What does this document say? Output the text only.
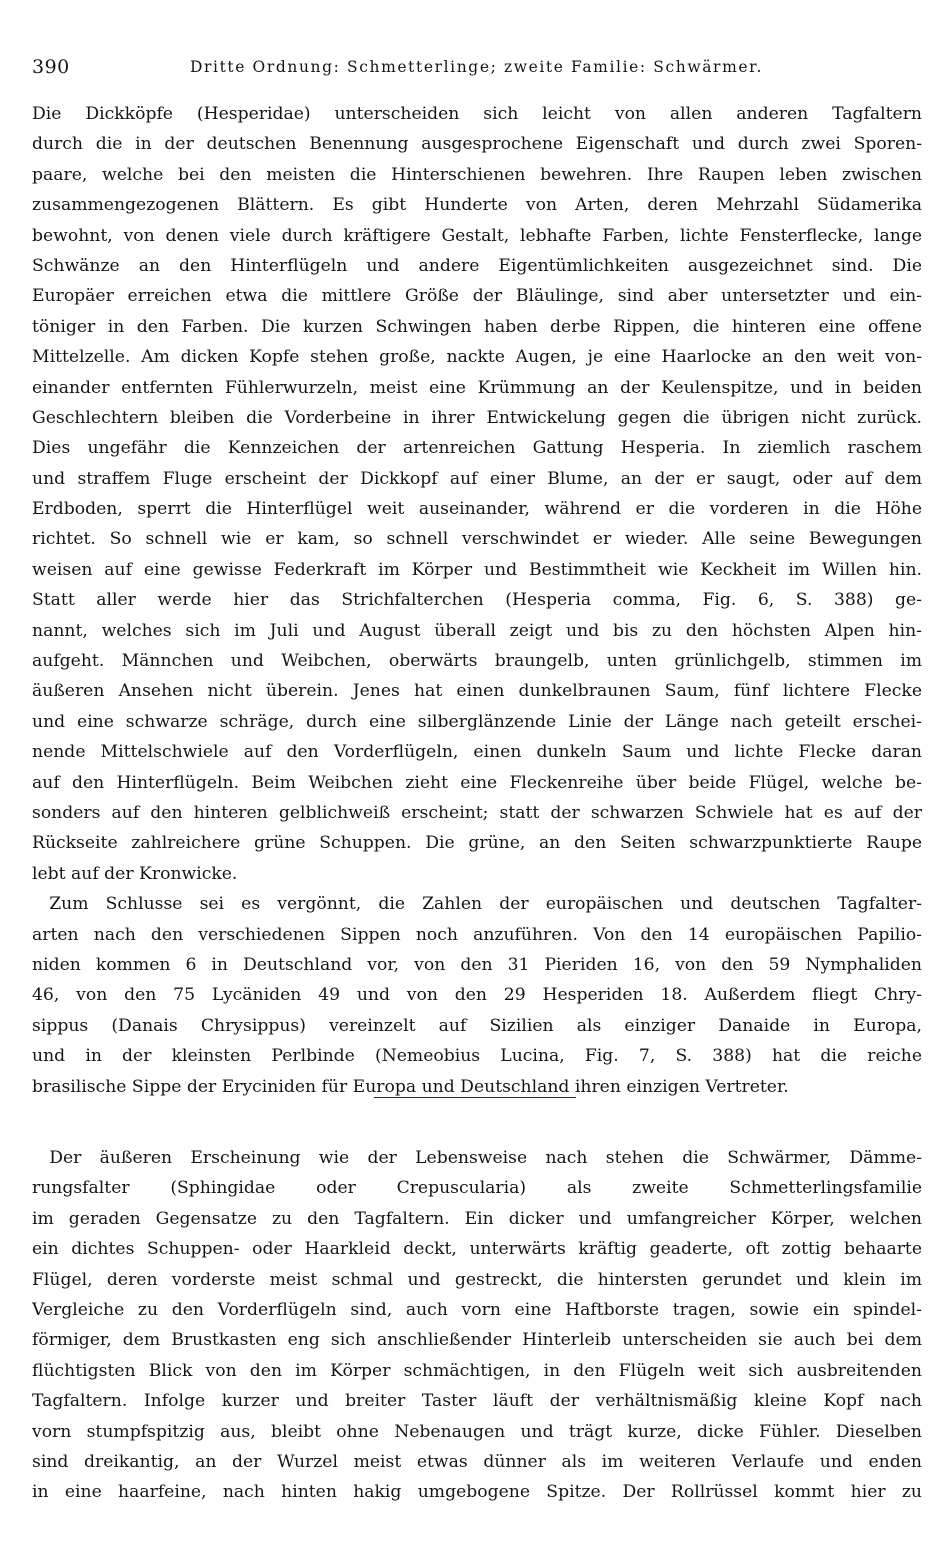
390	Dritte Ordnung: Schmetterlinge; zweite Familie: Schwärmer.
Die Dickköpfe (Hesperidae) unterscheiden sich leicht von allen anderen Tagfaltern
durch die in der deutschen Benennung ausgesprochene Eigenschaft und durch zwei Sporen-
paare, welche bei den meisten die Hinterschienen bewehren. Ihre Raupen leben zwischen
zusammengezogenen Blättern. Es gibt Hunderte von Arten, deren Mehrzahl Südamerika
bewohnt, von denen viele durch kräftigere Gestalt, lebhafte Farben, lichte Fensterflecke, lange
Schwänze an den Hinterflügeln und andere Eigentümlichkeiten ausgezeichnet sind. Die
Europäer erreichen etwa die mittlere Größe der Bläulinge, sind aber untersetzter und ein-
töniger in den Farben. Die kurzen Schwingen haben derbe Rippen, die hinteren eine offene
Mittelzelle. Am dicken Kopfe stehen große, nackte Augen, je eine Haarlocke an den weit von-
einander entfernten Fühlerwurzeln, meist eine Krümmung an der Keulenspitze, und in beiden
Geschlechtern bleiben die Vorderbeine in ihrer Entwickelung gegen die übrigen nicht zurück.
Dies ungefähr die Kennzeichen der artenreichen Gattung Hesperia. In ziemlich raschem
und straffem Fluge erscheint der Dickkopf auf einer Blume, an der er saugt, oder auf dem
Erdboden, sperrt die Hinterflügel weit auseinander, während er die vorderen in die Höhe
richtet. So schnell wie er kam, so schnell verschwindet er wieder. Alle seine Bewegungen
weisen auf eine gewisse Federkraft im Körper und Bestimmtheit wie Keckheit im Willen hin.
Statt aller werde hier das Strichfalterchen (Hesperia comma, Fig. 6, S. 388) ge-
nannt, welches sich im Juli und August überall zeigt und bis zu den höchsten Alpen hin-
aufgeht. Männchen und Weibchen, oberwärts braungelb, unten grünlichgelb, stimmen im
äußeren Ansehen nicht überein. Jenes hat einen dunkelbraunen Saum, fünf lichtere Flecke
und eine schwarze schräge, durch eine silberglänzende Linie der Länge nach geteilt erschei-
nende Mittelschwiele auf den Vorderflügeln, einen dunkeln Saum und lichte Flecke daran
auf den Hinterflügeln. Beim Weibchen zieht eine Fleckenreihe über beide Flügel, welche be-
sonders auf den hinteren gelblichweiß erscheint; statt der schwarzen Schwiele hat es auf der
Rückseite zahlreichere grüne Schuppen. Die grüne, an den Seiten schwarzpunktierte Raupe
lebt auf der Kronwicke.
 Zum Schlusse sei es vergönnt, die Zahlen der europäischen und deutschen Tagfalter-
arten nach den verschiedenen Sippen noch anzuführen. Von den 14 europäischen Papilio-
niden kommen 6 in Deutschland vor, von den 31 Pieriden 16, von den 59 Nymphaliden
46, von den 75 Lycäniden 49 und von den 29 Hesperiden 18. Außerdem fliegt Chry-
sippus (Danais Chrysippus) vereinzelt auf Sizilien als einziger Danaide in Europa,
und in der kleinsten Perlbinde (Nemeobius Lucina, Fig. 7, S. 388) hat die reiche
brasilische Sippe der Eryciniden für Europa und Deutschland ihren einzigen Vertreter.
 Der äußeren Erscheinung wie der Lebensweise nach stehen die Schwärmer, Dämme-
rungsfalter (Sphingidae oder Crepuscularia) als zweite Schmetterlingsfamilie
im geraden Gegensatze zu den Tagfaltern. Ein dicker und umfangreicher Körper, welchen
ein dichtes Schuppen- oder Haarkleid deckt, unterwärts kräftig geaderte, oft zottig behaarte
Flügel, deren vorderste meist schmal und gestreckt, die hintersten gerundet und klein im
Vergleiche zu den Vorderflügeln sind, auch vorn eine Haftborste tragen, sowie ein spindel-
förmiger, dem Brustkasten eng sich anschließender Hinterleib unterscheiden sie auch bei dem
flüchtigsten Blick von den im Körper schmächtigen, in den Flügeln weit sich ausbreitenden
Tagfaltern. Infolge kurzer und breiter Taster läuft der verhältnismäßig kleine Kopf nach
vorn stumpfspitzig aus, bleibt ohne Nebenaugen und trägt kurze, dicke Fühler. Dieselben
sind dreikantig, an der Wurzel meist etwas dünner als im weiteren Verlaufe und enden
in eine haarfeine, nach hinten hakig umgebogene Spitze. Der Rollrüssel kommt hier zu
